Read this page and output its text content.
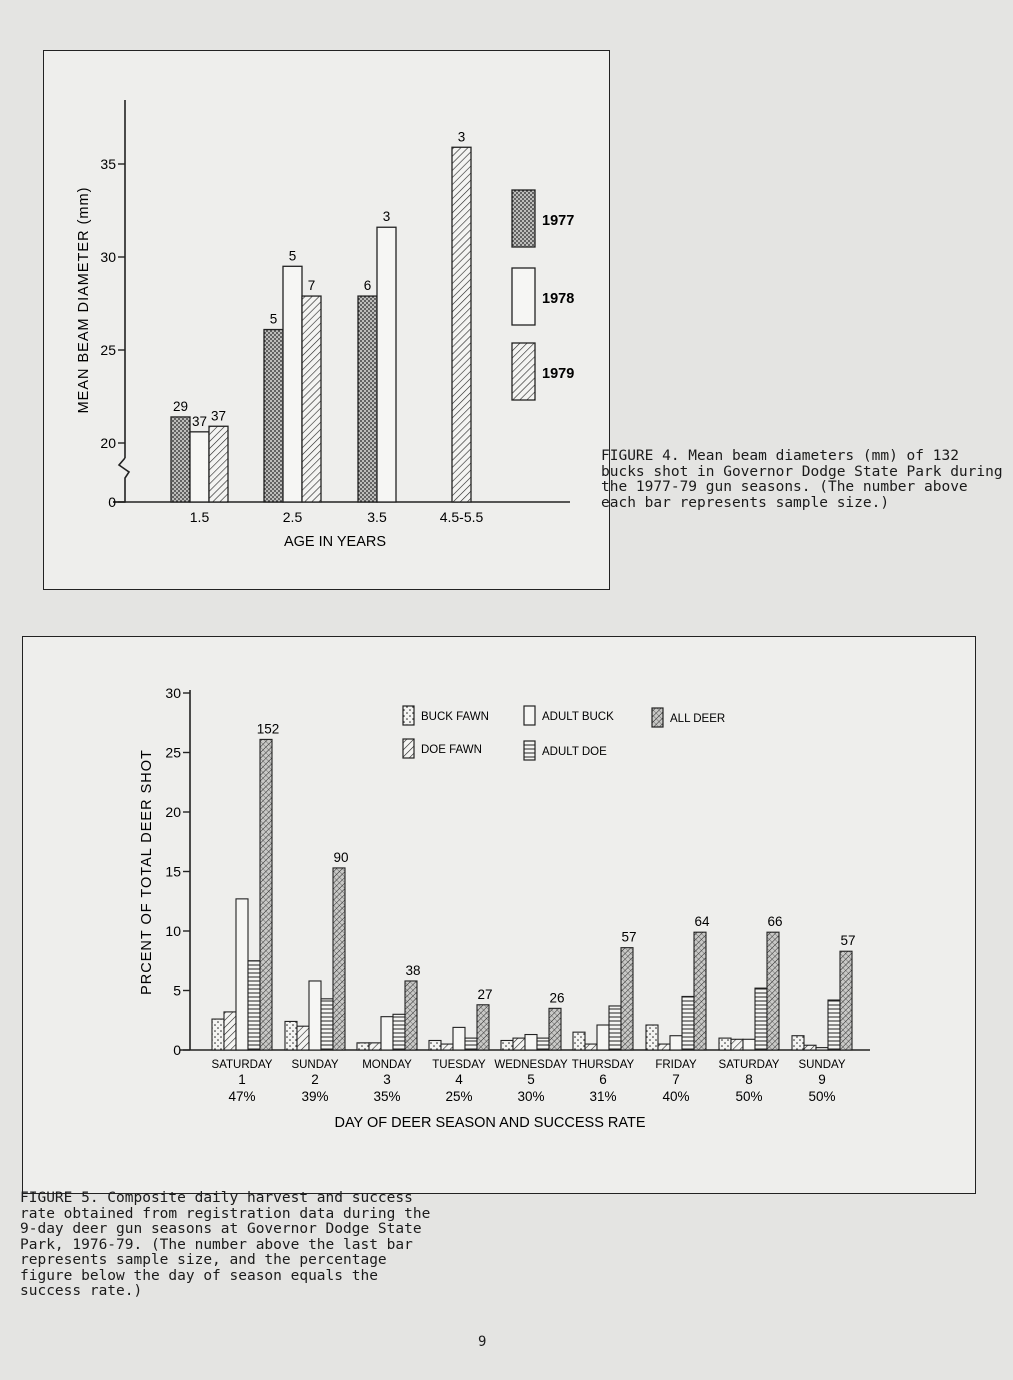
0
20
25
30
35
MEAN BEAM DIAMETER (mm)
AGE IN YEARS
29
37 37
1.5
5
5
7
2.5
6
3
3.5
3
4.5-5.5
1977
1978
1979
0
5
10
15
20
25
30
PRCENT OF TOTAL DEER SHOT
DAY OF DEER SEASON AND SUCCESS RATE
152
SATURDAY
1
47%
90
SUNDAY
2
39%
38
MONDAY
3
35%
27
TUESDAY
4
25%
26
WEDNESDAY
5
30%
57
THURSDAY
6
31%
64
FRIDAY
7
40%
66
SATURDAY
8
50%
57
SUNDAY
9
50%
BUCK FAWN
DOE FAWN
ADULT BUCK
ADULT DOE
ALL DEER
FIGURE 4. Mean beam diameters (mm) of 132 bucks shot in Governor Dodge State Park during the 1977-79 gun seasons. (The number above each bar represents sample size.)
FIGURE 5. Composite daily harvest and success rate obtained from registration data during the 9-day deer gun seasons at Governor Dodge State Park, 1976-79. (The number above the last bar represents sample size, and the percentage figure below the day of season equals the success rate.)
9
